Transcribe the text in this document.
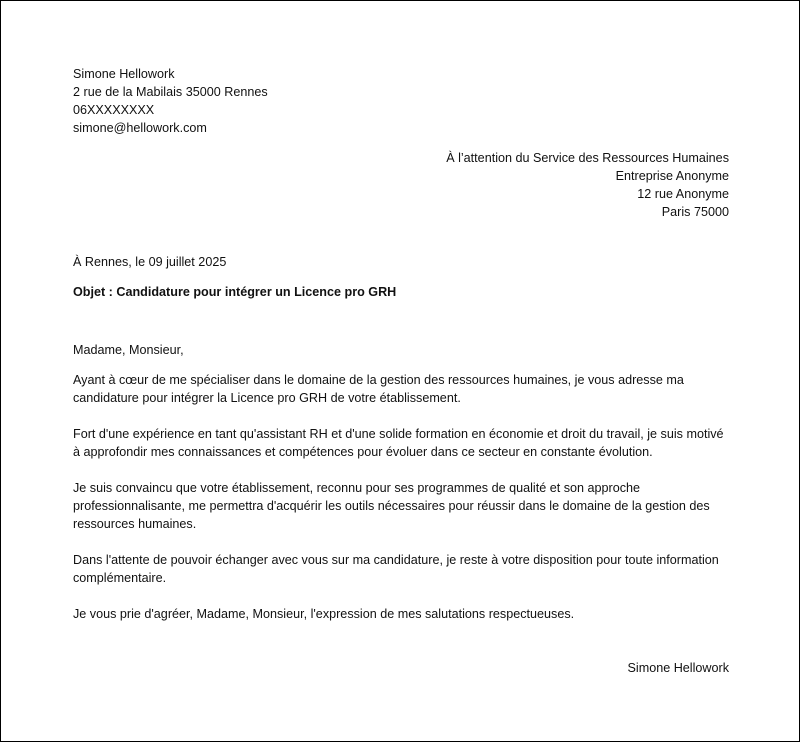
Simone Hellowork
2 rue de la Mabilais 35000 Rennes
06XXXXXXXX
simone@hellowork.com
À l’attention du Service des Ressources Humaines
Entreprise Anonyme
12 rue Anonyme
Paris 75000

À Rennes, le 09 juillet 2025

Objet : Candidature pour intégrer un Licence pro GRH

Madame, Monsieur,

Ayant à cœur de me spécialiser dans le domaine de la gestion des ressources humaines, je vous adresse ma candidature pour intégrer la Licence pro GRH de votre établissement.

Fort d'une expérience en tant qu'assistant RH et d'une solide formation en économie et droit du travail, je suis motivé à approfondir mes connaissances et compétences pour évoluer dans ce secteur en constante évolution.

Je suis convaincu que votre établissement, reconnu pour ses programmes de qualité et son approche professionnalisante, me permettra d'acquérir les outils nécessaires pour réussir dans le domaine de la gestion des ressources humaines.

Dans l'attente de pouvoir échanger avec vous sur ma candidature, je reste à votre disposition pour toute information complémentaire.

Je vous prie d'agréer, Madame, Monsieur, l'expression de mes salutations respectueuses.

Simone Hellowork
